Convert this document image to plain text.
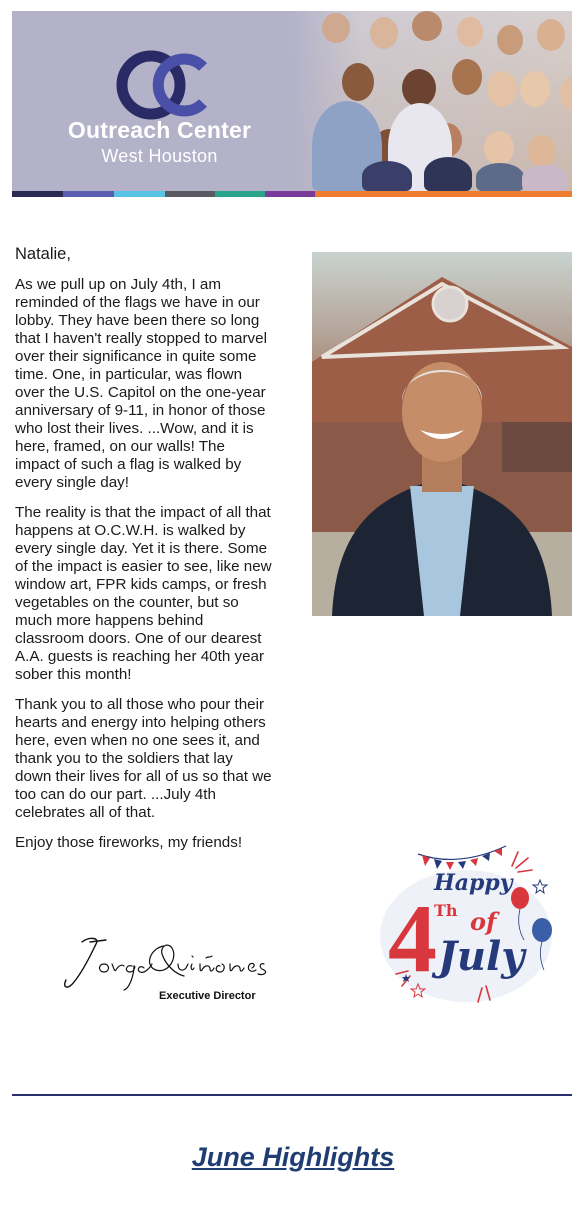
Outreach Center
West Houston

Natalie,

As we pull up on July 4th, I am reminded of the flags we have in our lobby. They have been there so long that I haven't really stopped to marvel over their significance in quite some time. One, in particular, was flown over the U.S. Capitol on the one-year anniversary of 9-11, in honor of those who lost their lives. ...Wow, and it is here, framed, on our walls! The impact of such a flag is walked by every single day!

The reality is that the impact of all that happens at O.C.W.H. is walked by every single day. Yet it is there. Some of the impact is easier to see, like new window art, FPR kids camps, or fresh vegetables on the counter, but so much more happens behind classroom doors. One of our dearest A.A. guests is reaching her 40th year sober this month!

Thank you to all those who pour their hearts and energy into helping others here, even when no one sees it, and thank you to the soldiers that lay down their lives for all of us so that we too can do our part. ...July 4th celebrates all of that.

Enjoy those fireworks, my friends!

Executive Director
4
Happy
Th of
July
June Highlights
